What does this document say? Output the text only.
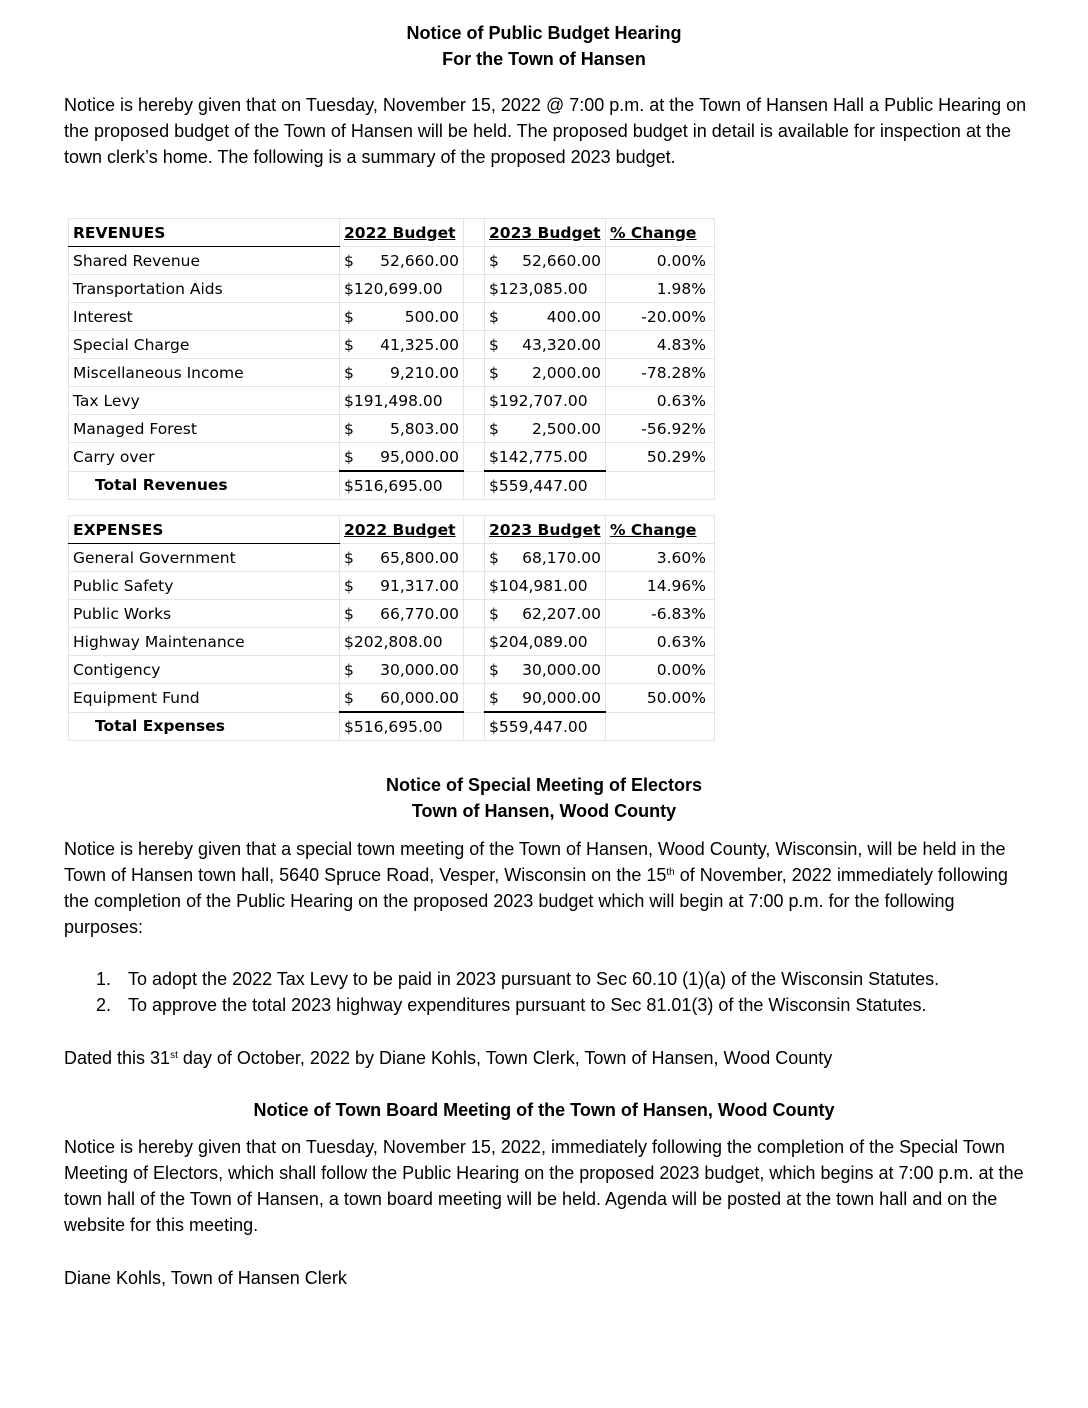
Notice of Public Budget Hearing
For the Town of Hansen

Notice is hereby given that on Tuesday, November 15, 2022 @ 7:00 p.m. at the Town of Hansen Hall a Public Hearing on the proposed budget of the Town of Hansen will be held. The proposed budget in detail is available for inspection at the town clerk’s home. The following is a summary of the proposed 2023 budget.

REVENUES	2022 Budget		2023 Budget	% Change
Shared Revenue	$ 52,660.00		$ 52,660.00	0.00%
Transportation Aids	$ 120,699.00		$ 123,085.00	1.98%
Interest	$ 500.00		$ 400.00	-20.00%
Special Charge	$ 41,325.00		$ 43,320.00	4.83%
Miscellaneous Income	$ 9,210.00		$ 2,000.00	-78.28%
Tax Levy	$ 191,498.00		$ 192,707.00	0.63%
Managed Forest	$ 5,803.00		$ 2,500.00	-56.92%
Carry over	$ 95,000.00		$ 142,775.00	50.29%
Total Revenues	$ 516,695.00		$ 559,447.00	

EXPENSES	2022 Budget		2023 Budget	% Change
General Government	$ 65,800.00		$ 68,170.00	3.60%
Public Safety	$ 91,317.00		$ 104,981.00	14.96%
Public Works	$ 66,770.00		$ 62,207.00	-6.83%
Highway Maintenance	$ 202,808.00		$ 204,089.00	0.63%
Contigency	$ 30,000.00		$ 30,000.00	0.00%
Equipment Fund	$ 60,000.00		$ 90,000.00	50.00%
Total Expenses	$ 516,695.00		$ 559,447.00	

Notice of Special Meeting of Electors
Town of Hansen, Wood County

Notice is hereby given that a special town meeting of the Town of Hansen, Wood County, Wisconsin, will be held in the Town of Hansen town hall, 5640 Spruce Road, Vesper, Wisconsin on the 15th of November, 2022 immediately following the completion of the Public Hearing on the proposed 2023 budget which will begin at 7:00 p.m. for the following purposes:

1. To adopt the 2022 Tax Levy to be paid in 2023 pursuant to Sec 60.10 (1)(a) of the Wisconsin Statutes.
2. To approve the total 2023 highway expenditures pursuant to Sec 81.01(3) of the Wisconsin Statutes.
Dated this 31st day of October, 2022 by Diane Kohls, Town Clerk, Town of Hansen, Wood County
Notice of Town Board Meeting of the Town of Hansen, Wood County

Notice is hereby given that on Tuesday, November 15, 2022, immediately following the completion of the Special Town Meeting of Electors, which shall follow the Public Hearing on the proposed 2023 budget, which begins at 7:00 p.m. at the town hall of the Town of Hansen, a town board meeting will be held. Agenda will be posted at the town hall and on the website for this meeting.

Diane Kohls, Town of Hansen Clerk
